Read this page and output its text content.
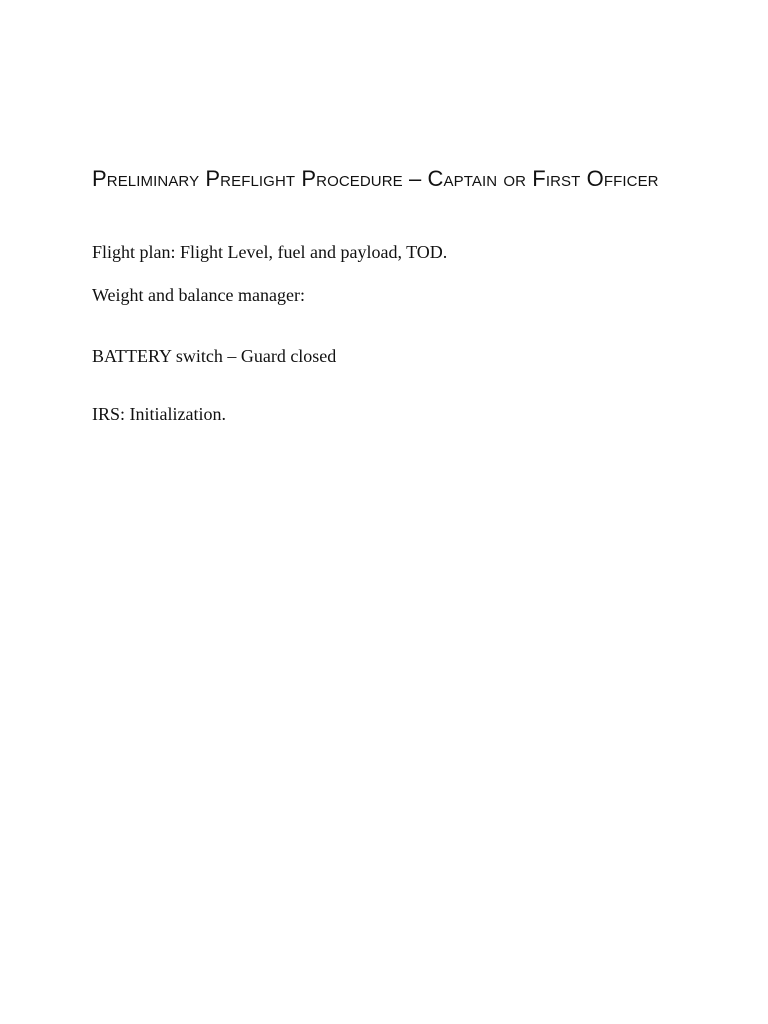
Preliminary Preflight Procedure – Captain or First Officer

Flight plan: Flight Level, fuel and payload, TOD.

Weight and balance manager:

BATTERY switch – Guard closed

IRS: Initialization.
